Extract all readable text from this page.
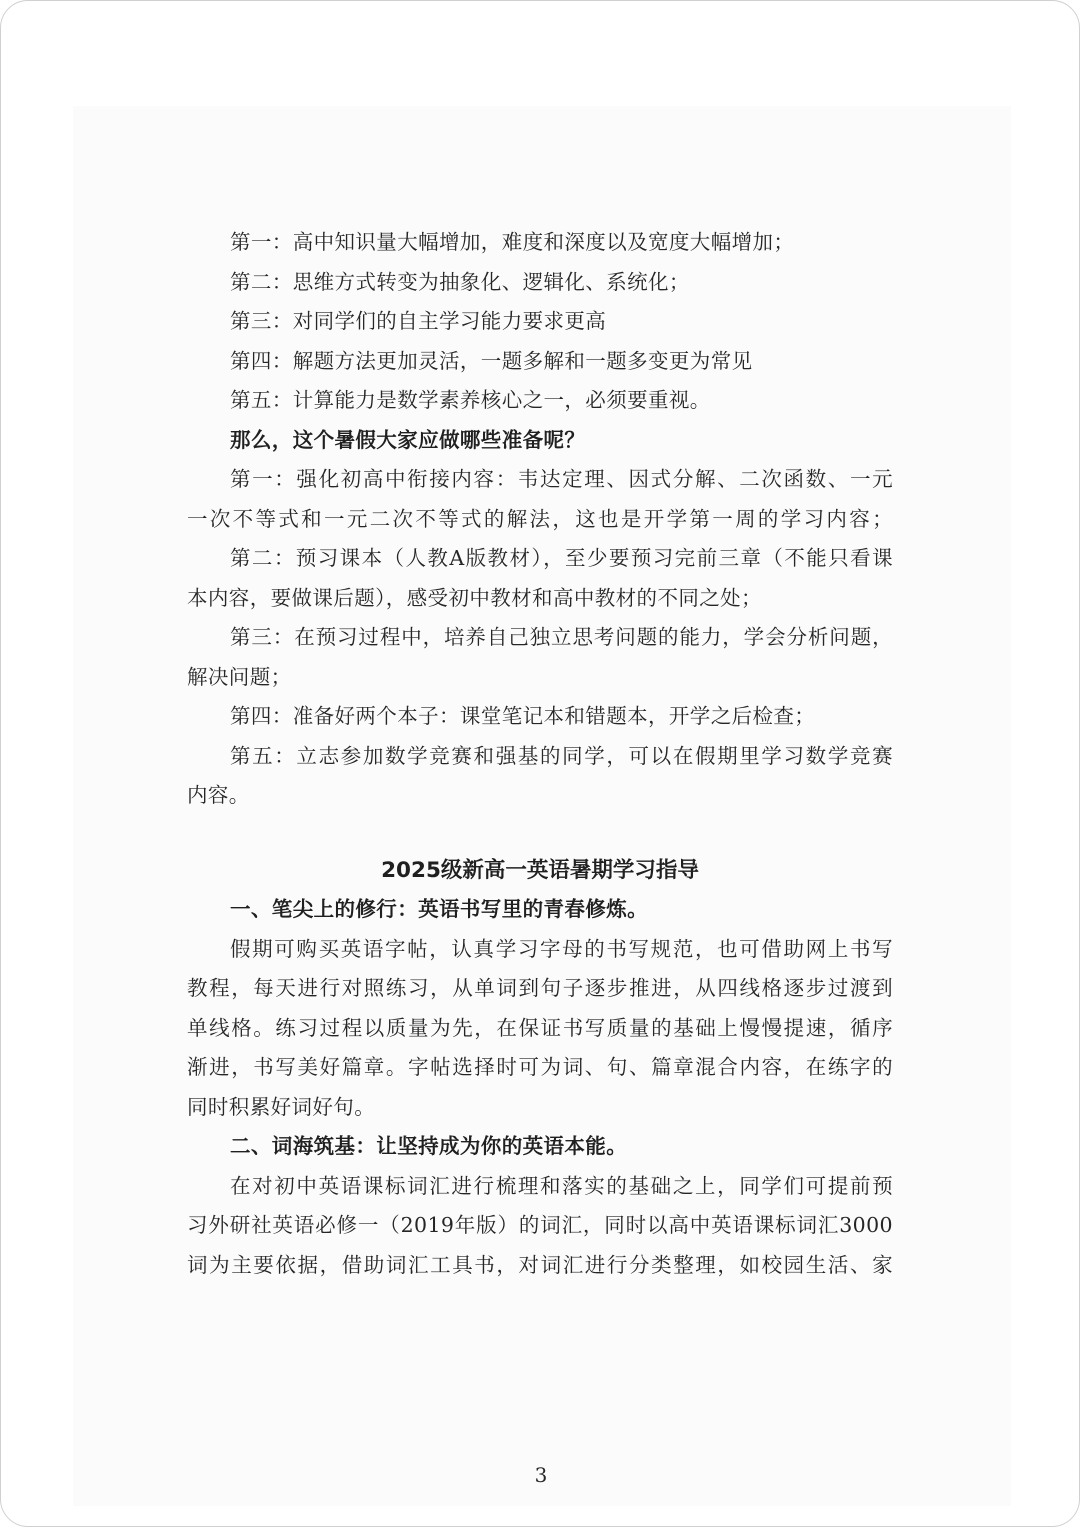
第一：高中知识量大幅增加，难度和深度以及宽度大幅增加；
第二：思维方式转变为抽象化、逻辑化、系统化；
第三：对同学们的自主学习能力要求更高
第四：解题方法更加灵活，一题多解和一题多变更为常见
第五：计算能力是数学素养核心之一，必须要重视。
那么，这个暑假大家应做哪些准备呢？
第一：强化初高中衔接内容：韦达定理、因式分解、二次函数、一元
一次不等式和一元二次不等式的解法，这也是开学第一周的学习内容；
第二：预习课本（人教A版教材），至少要预习完前三章（不能只看课
本内容，要做课后题），感受初中教材和高中教材的不同之处；
第三：在预习过程中，培养自己独立思考问题的能力，学会分析问题，
解决问题；
第四：准备好两个本子：课堂笔记本和错题本，开学之后检查；
第五：立志参加数学竞赛和强基的同学，可以在假期里学习数学竞赛
内容。
2025级新高一英语暑期学习指导
一、笔尖上的修行：英语书写里的青春修炼。
假期可购买英语字帖，认真学习字母的书写规范，也可借助网上书写
教程，每天进行对照练习，从单词到句子逐步推进，从四线格逐步过渡到
单线格。练习过程以质量为先，在保证书写质量的基础上慢慢提速，循序
渐进，书写美好篇章。字帖选择时可为词、句、篇章混合内容，在练字的
同时积累好词好句。
二、词海筑基：让坚持成为你的英语本能。
在对初中英语课标词汇进行梳理和落实的基础之上，同学们可提前预
习外研社英语必修一（2019年版）的词汇，同时以高中英语课标词汇3000
词为主要依据，借助词汇工具书，对词汇进行分类整理，如校园生活、家
3
